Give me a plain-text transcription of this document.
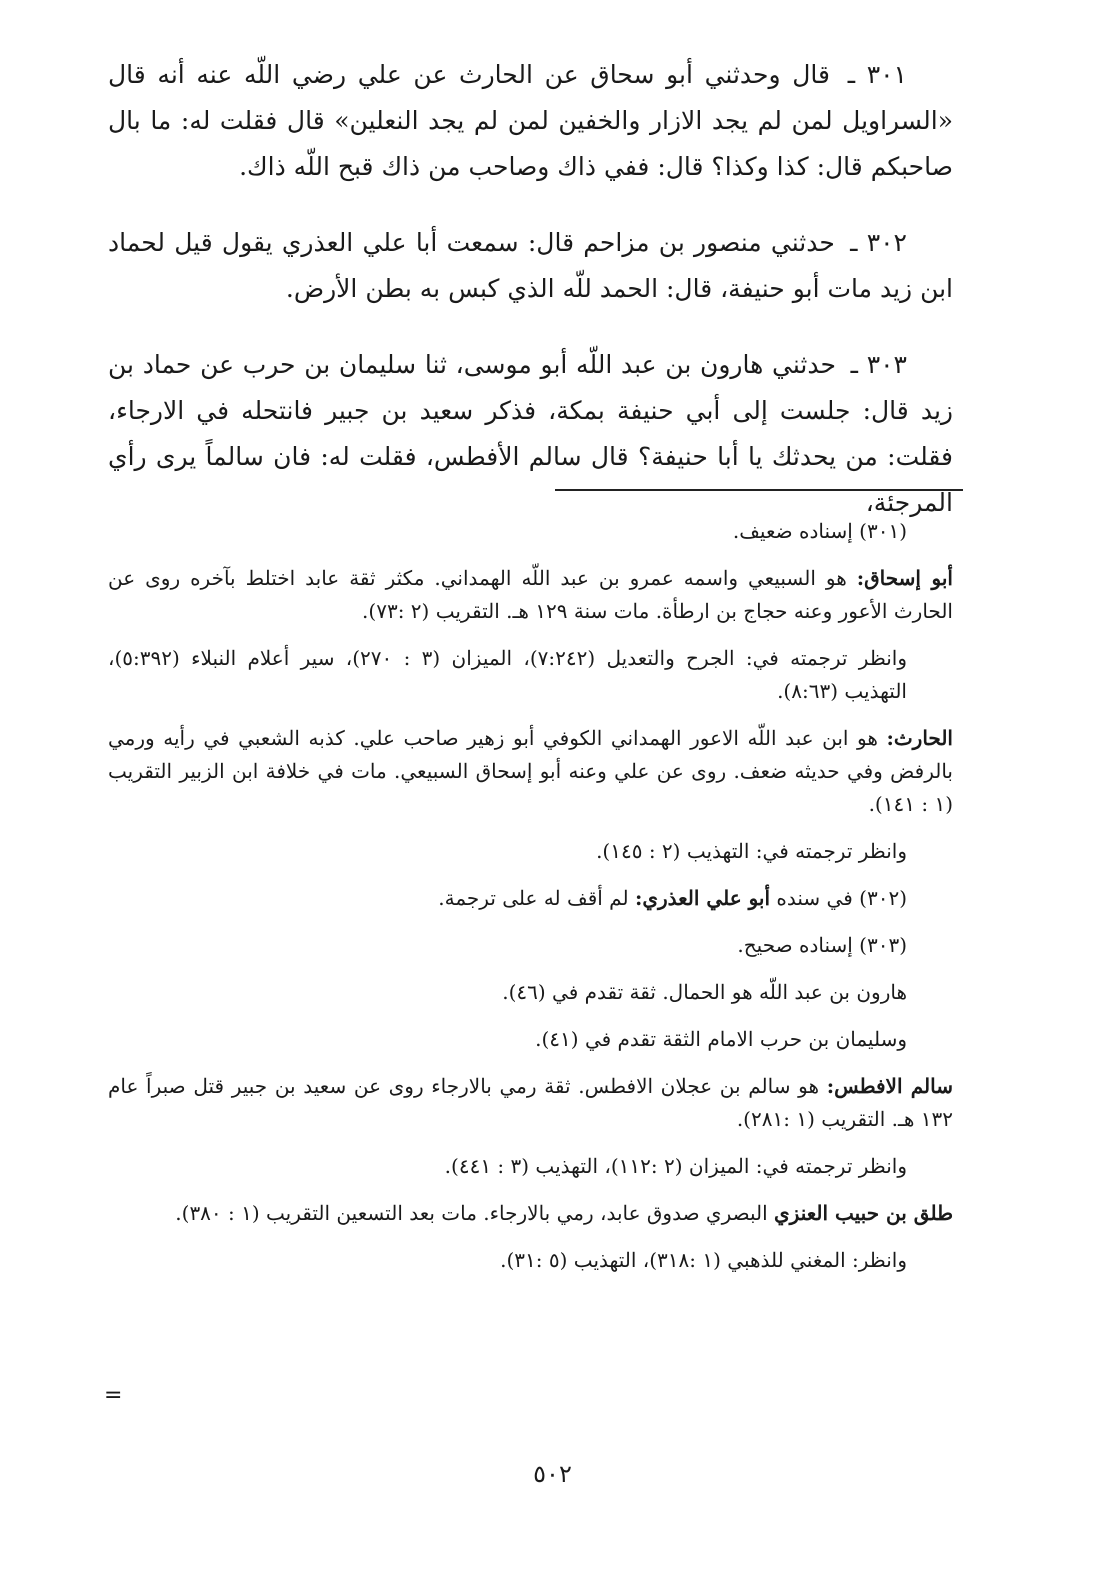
٣٠١ ـ قال وحدثني أبو سحاق عن الحارث عن علي رضي اللّه عنه أنه قال «السراويل لمن لم يجد الازار والخفين لمن لم يجد النعلين» قال فقلت له: ما بال صاحبكم قال: كذا وكذا؟ قال: ففي ذاك وصاحب من ذاك قبح اللّه ذاك.

٣٠٢ ـ حدثني منصور بن مزاحم قال: سمعت أبا علي العذري يقول قيل لحماد ابن زيد مات أبو حنيفة، قال: الحمد للّه الذي كبس به بطن الأرض.

٣٠٣ ـ حدثني هارون بن عبد اللّه أبو موسى، ثنا سليمان بن حرب عن حماد بن زيد قال: جلست إلى أبي حنيفة بمكة، فذكر سعيد بن جبير فانتحله في الارجاء، فقلت: من يحدثك يا أبا حنيفة؟ قال سالم الأفطس، فقلت له: فان سالماً يرى رأي المرجئة،

(٣٠١) إسناده ضعيف.

أبو إسحاق: هو السبيعي واسمه عمرو بن عبد اللّه الهمداني. مكثر ثقة عابد اختلط بآخره روى عن الحارث الأعور وعنه حجاج بن ارطأة. مات سنة ١٢٩ هـ. التقريب (٢ :٧٣).

وانظر ترجمته في: الجرح والتعديل (٧:٢٤٢)، الميزان (٣ : ٢٧٠)، سير أعلام النبلاء (٥:٣٩٢)، التهذيب (٨:٦٣).

الحارث: هو ابن عبد اللّه الاعور الهمداني الكوفي أبو زهير صاحب علي. كذبه الشعبي في رأيه ورمي بالرفض وفي حديثه ضعف. روى عن علي وعنه أبو إسحاق السبيعي. مات في خلافة ابن الزبير التقريب (١ : ١٤١).

وانظر ترجمته في: التهذيب (٢ : ١٤٥).

(٣٠٢) في سنده أبو علي العذري: لم أقف له على ترجمة.

(٣٠٣) إسناده صحيح.

هارون بن عبد اللّه هو الحمال. ثقة تقدم في (٤٦).

وسليمان بن حرب الامام الثقة تقدم في (٤١).

سالم الافطس: هو سالم بن عجلان الافطس. ثقة رمي بالارجاء روى عن سعيد بن جبير قتل صبراً عام ١٣٢ هـ. التقريب (١ :٢٨١).

وانظر ترجمته في: الميزان (٢ :١١٢)، التهذيب (٣ : ٤٤١).

طلق بن حبيب العنزي البصري صدوق عابد، رمي بالارجاء. مات بعد التسعين التقريب (١ : ٣٨٠).

وانظر: المغني للذهبي (١ :٣١٨)، التهذيب (٥ :٣١).

=
٥٠٢
